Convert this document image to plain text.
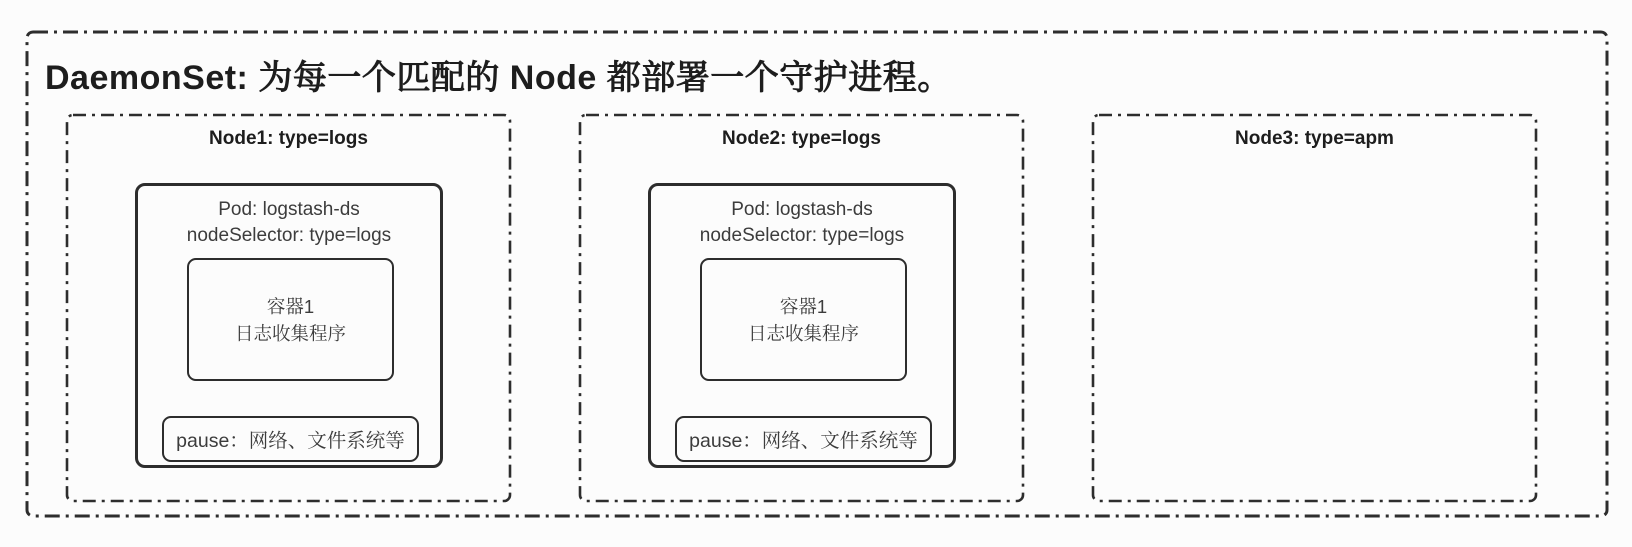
DaemonSet: 为每一个匹配的 Node 都部署一个守护进程。
Node1: type=logs
Pod: logstash-ds
nodeSelector: type=logs
容器1
日志收集程序
pause：网络、文件系统等
Node2: type=logs
Pod: logstash-ds
nodeSelector: type=logs
容器1
日志收集程序
pause：网络、文件系统等
Node3: type=apm
